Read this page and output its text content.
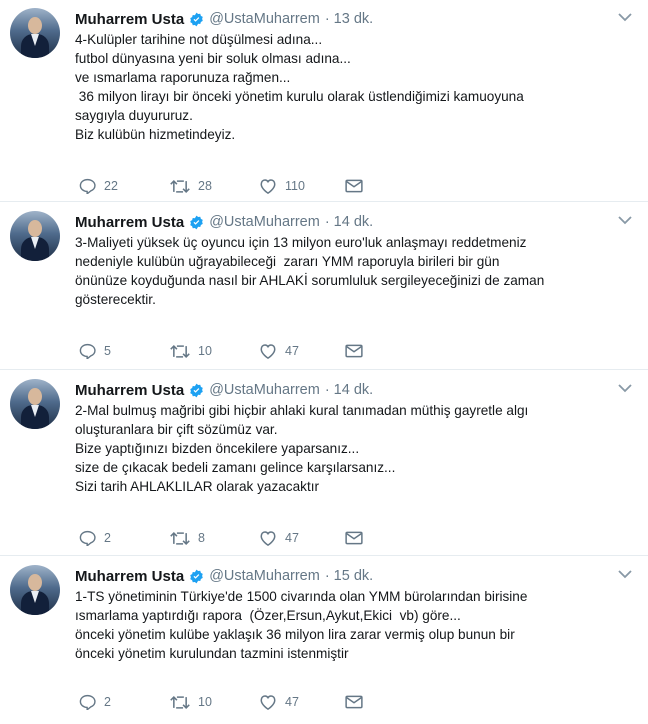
Muharrem Usta @UstaMuharrem · 13 dk.
4-Kulüpler tarihine not düşülmesi adına...
futbol dünyasına yeni bir soluk olması adına...
ve ısmarlama raporunuza rağmen...
36 milyon lirayı bir önceki yönetim kurulu olarak üstlendiğimizi kamuoyuna
saygıyla duyururuz.
Biz kulübün hizmetindeyiz.
22	28	110
Muharrem Usta @UstaMuharrem · 14 dk.
3-Maliyeti yüksek üç oyuncu için 13 milyon euro'luk anlaşmayı reddetmeniz
nedeniyle kulübün uğrayabileceği  zararı YMM raporuyla birileri bir gün
önünüze koyduğunda nasıl bir AHLAKİ sorumluluk sergileyeceğinizi de zaman
gösterecektir.
5	10	47
Muharrem Usta @UstaMuharrem · 14 dk.
2-Mal bulmuş mağribi gibi hiçbir ahlaki kural tanımadan müthiş gayretle algı
oluşturanlara bir çift sözümüz var.
Bize yaptığınızı bizden öncekilere yaparsanız...
size de çıkacak bedeli zamanı gelince karşılarsanız...
Sizi tarih AHLAKLILAR olarak yazacaktır
2	8	47
Muharrem Usta @UstaMuharrem · 15 dk.
1-TS yönetiminin Türkiye'de 1500 civarında olan YMM bürolarından birisine
ısmarlama yaptırdığı rapora  (Özer,Ersun,Aykut,Ekici  vb) göre...
önceki yönetim kulübe yaklaşık 36 milyon lira zarar vermiş olup bunun bir
önceki yönetim kurulundan tazmini istenmiştir
2	10	47
